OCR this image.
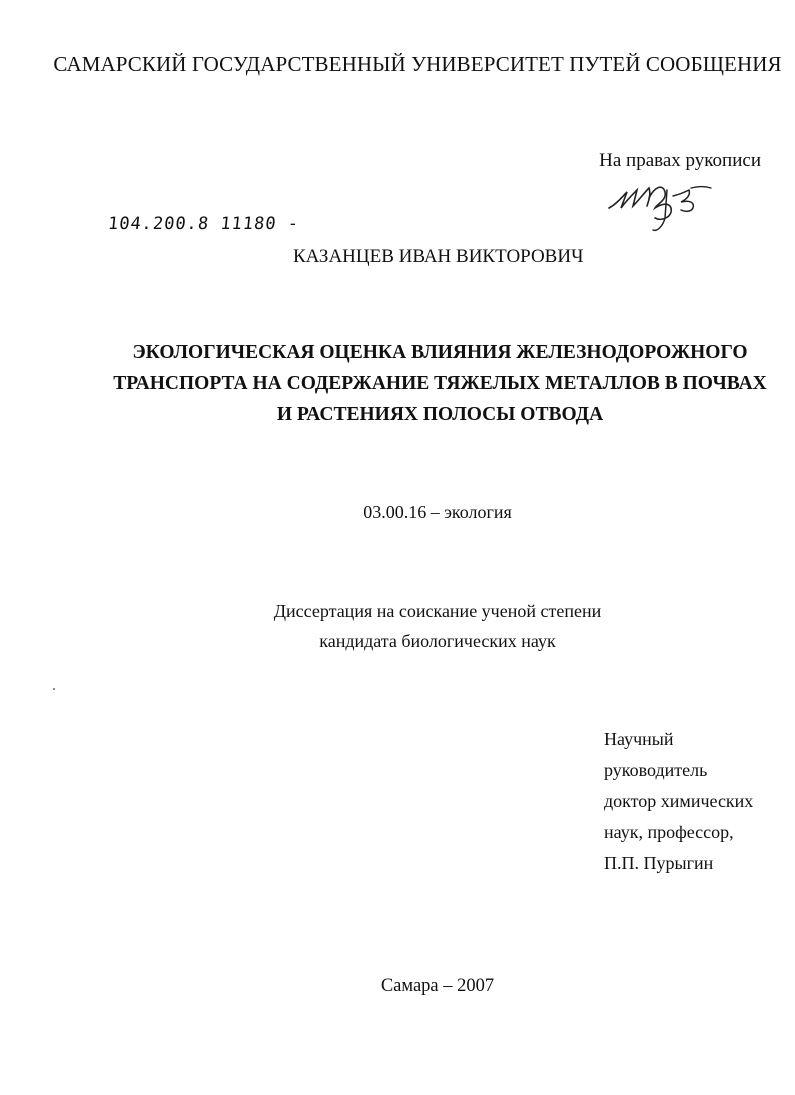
САМАРСКИЙ ГОСУДАРСТВЕННЫЙ УНИВЕРСИТЕТ ПУТЕЙ СООБЩЕНИЯ
На правах рукописи
104.200.8 11180 -
КАЗАНЦЕВ ИВАН ВИКТОРОВИЧ
ЭКОЛОГИЧЕСКАЯ ОЦЕНКА ВЛИЯНИЯ ЖЕЛЕЗНОДОРОЖНОГО
ТРАНСПОРТА НА СОДЕРЖАНИЕ ТЯЖЕЛЫХ МЕТАЛЛОВ В ПОЧВАХ
И РАСТЕНИЯХ ПОЛОСЫ ОТВОДА
03.00.16 – экология
Диссертация на соискание ученой степени
кандидата биологических наук
Научный
руководитель
доктор химических
наук, профессор,
П.П. Пурыгин
Самара – 2007
